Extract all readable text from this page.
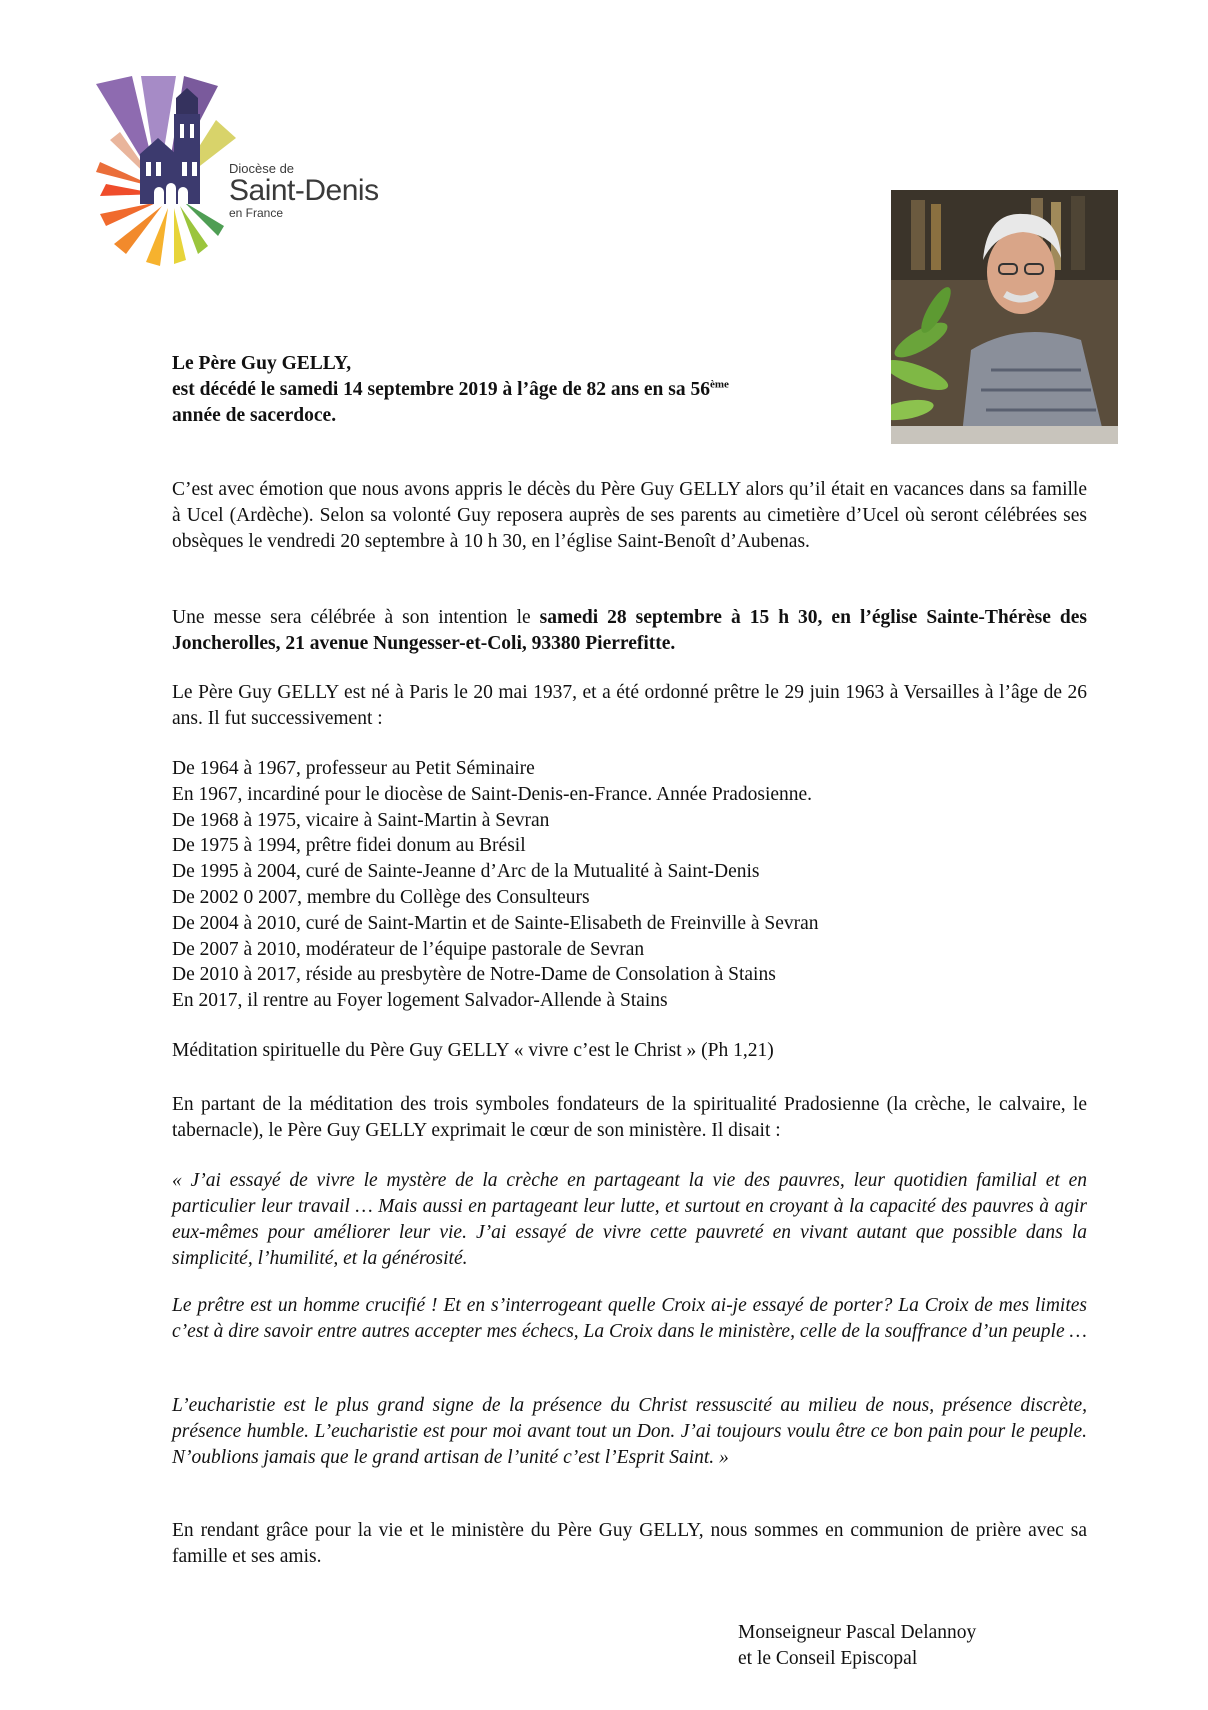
Diocèse de
Saint-Denis
en France
Le Père Guy GELLY,
est décédé le samedi 14 septembre 2019 à l’âge de 82 ans en sa 56ème
année de sacerdoce.

C’est avec émotion que nous avons appris le décès du Père Guy GELLY alors qu’il était en vacances dans sa famille à Ucel (Ardèche). Selon sa volonté Guy reposera auprès de ses parents au cimetière d’Ucel où seront célébrées ses obsèques le vendredi 20 septembre à 10 h 30, en l’église Saint-Benoît d’Aubenas.

Une messe sera célébrée à son intention le samedi 28 septembre à 15 h 30, en l’église Sainte-Thérèse des Joncherolles, 21 avenue Nungesser-et-Coli, 93380 Pierrefitte.

Le Père Guy GELLY est né à Paris le 20 mai 1937, et a été ordonné prêtre le 29 juin 1963 à Versailles à l’âge de 26 ans. Il fut successivement :

De 1964 à 1967, professeur au Petit Séminaire
En 1967, incardiné pour le diocèse de Saint-Denis-en-France. Année Pradosienne.
De 1968 à 1975, vicaire à Saint-Martin à Sevran
De 1975 à 1994, prêtre fidei donum au Brésil
De 1995 à 2004, curé de Sainte-Jeanne d’Arc de la Mutualité à Saint-Denis
De 2002 0 2007, membre du Collège des Consulteurs
De 2004 à 2010, curé de Saint-Martin et de Sainte-Elisabeth de Freinville à Sevran
De 2007 à 2010, modérateur de l’équipe pastorale de Sevran
De 2010 à 2017, réside au presbytère de Notre-Dame de Consolation à Stains
En 2017, il rentre au Foyer logement Salvador-Allende à Stains

Méditation spirituelle du Père Guy GELLY « vivre c’est le Christ » (Ph 1,21)

En partant de la méditation des trois symboles fondateurs de la spiritualité Pradosienne (la crèche, le calvaire, le tabernacle), le Père Guy GELLY exprimait le cœur de son ministère. Il disait :

« J’ai essayé de vivre le mystère de la crèche en partageant la vie des pauvres, leur quotidien familial et en particulier leur travail … Mais aussi en partageant leur lutte, et surtout en croyant à la capacité des pauvres à agir eux-mêmes pour améliorer leur vie. J’ai essayé de vivre cette pauvreté en vivant autant que possible dans la simplicité, l’humilité, et la générosité.

Le prêtre est un homme crucifié ! Et en s’interrogeant quelle Croix ai-je essayé de porter? La Croix de mes limites c’est à dire savoir entre autres accepter mes échecs, La Croix dans le ministère, celle de la souffrance d’un peuple …

L’eucharistie est le plus grand signe de la présence du Christ ressuscité au milieu de nous, présence discrète, présence humble. L’eucharistie est pour moi avant tout un Don. J’ai toujours voulu être ce bon pain pour le peuple. N’oublions jamais que le grand artisan de l’unité c’est l’Esprit Saint. »

En rendant grâce pour la vie et le ministère du Père Guy GELLY, nous sommes en communion de prière avec sa famille et ses amis.

Monseigneur Pascal Delannoy
et le Conseil Episcopal
